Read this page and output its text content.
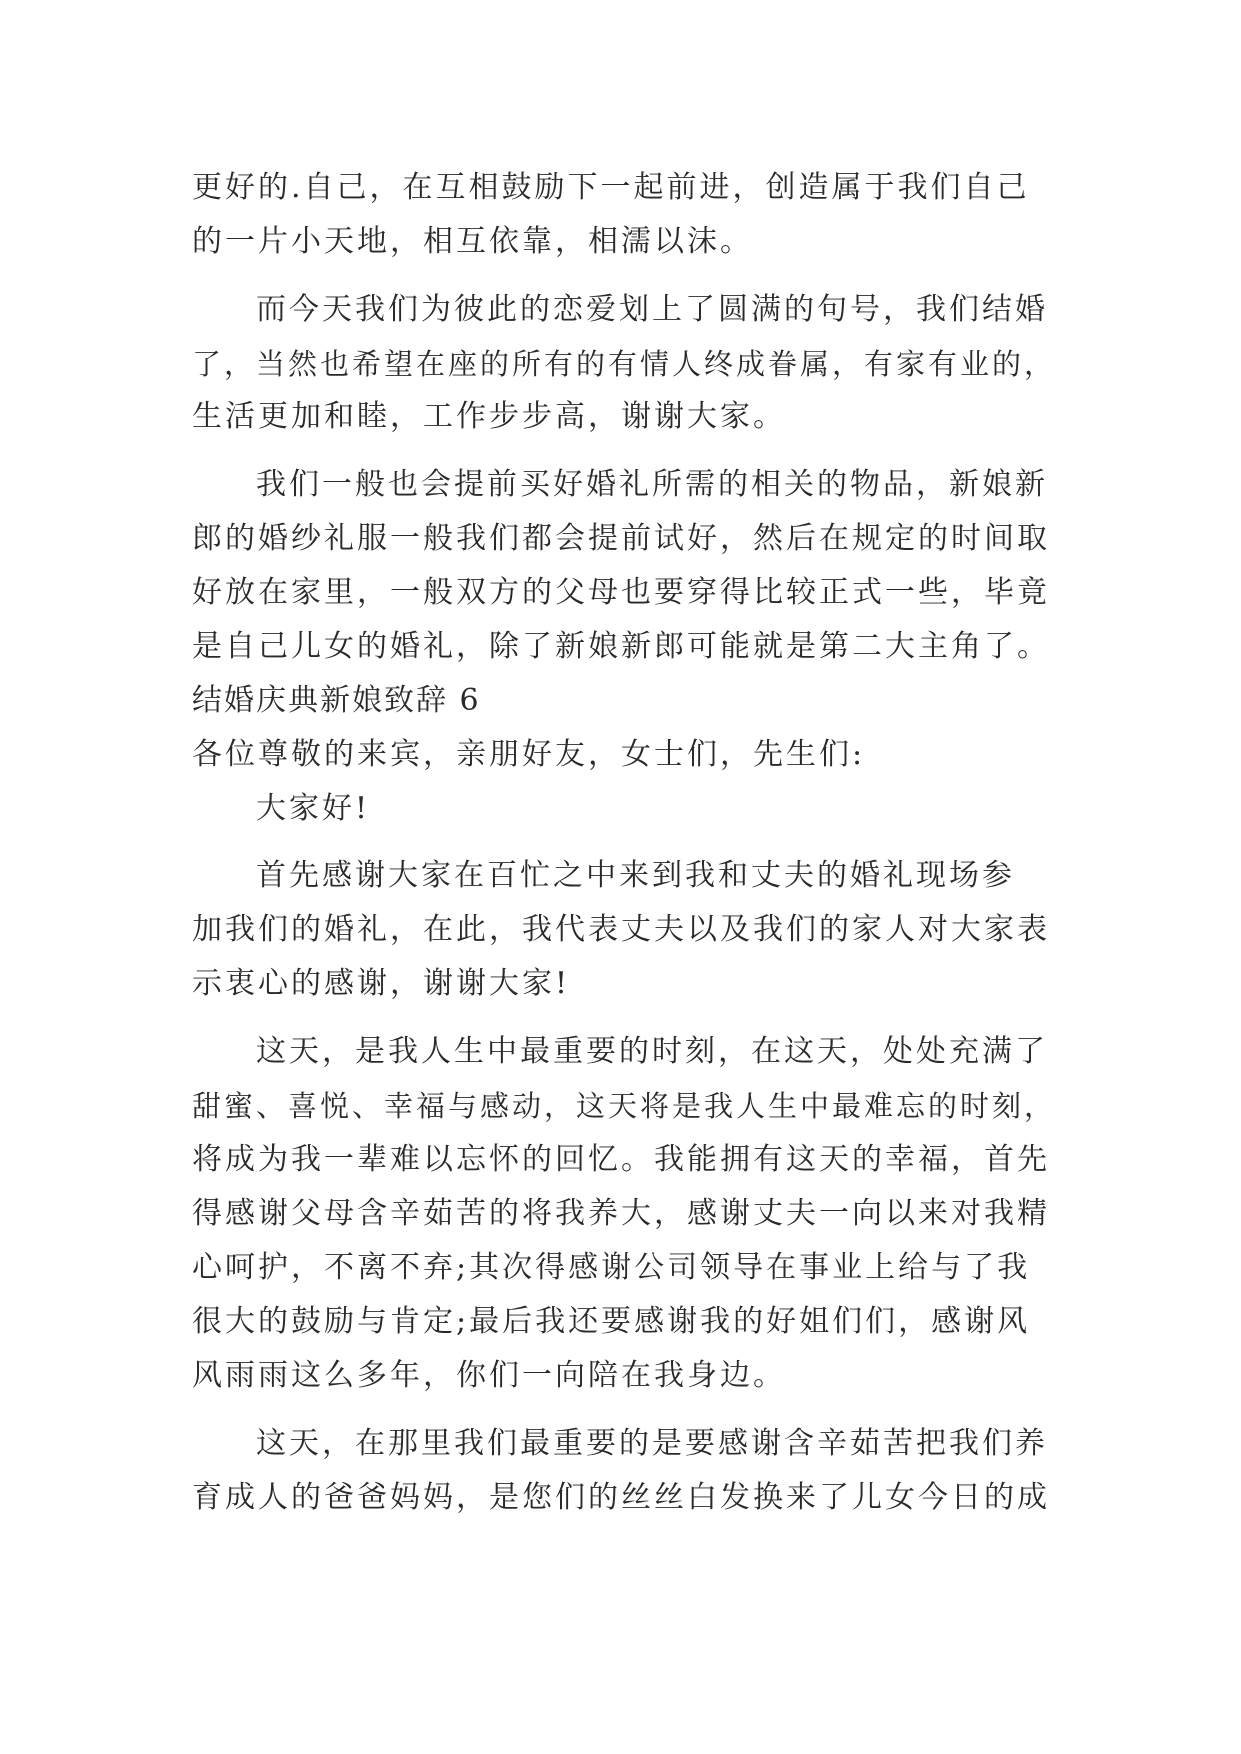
更好的.自己，在互相鼓励下一起前进，创造属于我们自己
的一片小天地，相互依靠，相濡以沫。
而今天我们为彼此的恋爱划上了圆满的句号，我们结婚
了，当然也希望在座的所有的有情人终成眷属，有家有业的，
生活更加和睦，工作步步高，谢谢大家。
我们一般也会提前买好婚礼所需的相关的物品，新娘新
郎的婚纱礼服一般我们都会提前试好，然后在规定的时间取
好放在家里，一般双方的父母也要穿得比较正式一些，毕竟
是自己儿女的婚礼，除了新娘新郎可能就是第二大主角了。
结婚庆典新娘致辞 6
各位尊敬的来宾，亲朋好友，女士们，先生们:
大家好!
首先感谢大家在百忙之中来到我和丈夫的婚礼现场参
加我们的婚礼，在此，我代表丈夫以及我们的家人对大家表
示衷心的感谢，谢谢大家!
这天，是我人生中最重要的时刻，在这天，处处充满了
甜蜜、喜悦、幸福与感动，这天将是我人生中最难忘的时刻，
将成为我一辈难以忘怀的回忆。我能拥有这天的幸福，首先
得感谢父母含辛茹苦的将我养大，感谢丈夫一向以来对我精
心呵护，不离不弃;其次得感谢公司领导在事业上给与了我
很大的鼓励与肯定;最后我还要感谢我的好姐们们，感谢风
风雨雨这么多年，你们一向陪在我身边。
这天，在那里我们最重要的是要感谢含辛茹苦把我们养
育成人的爸爸妈妈，是您们的丝丝白发换来了儿女今日的成
